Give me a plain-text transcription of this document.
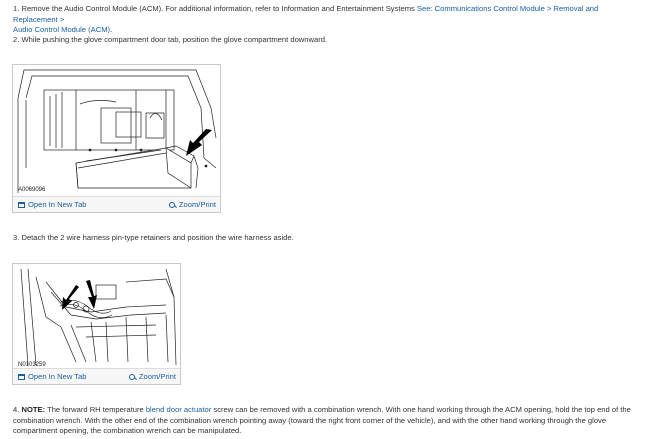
1. Remove the Audio Control Module (ACM). For additional information, refer to Information and Entertainment Systems See: Communications Control Module > Removal and Replacement >
Audio Control Module (ACM).

2. While pushing the glove compartment door tab, position the glove compartment downward.

A0069096
Open In New Tab	Zoom/Print

3. Detach the 2 wire harness pin-type retainers and position the wire harness aside.

N0103259
Open In New Tab	Zoom/Print

4. NOTE: The forward RH temperature blend door actuator screw can be removed with a combination wrench. With one hand working through the ACM opening, hold the top end of the combination wrench. With the other end of the combination wrench pointing away (toward the right front corner of the vehicle), and with the other hand working through the glove compartment opening, the combination wrench can be manipulated.
